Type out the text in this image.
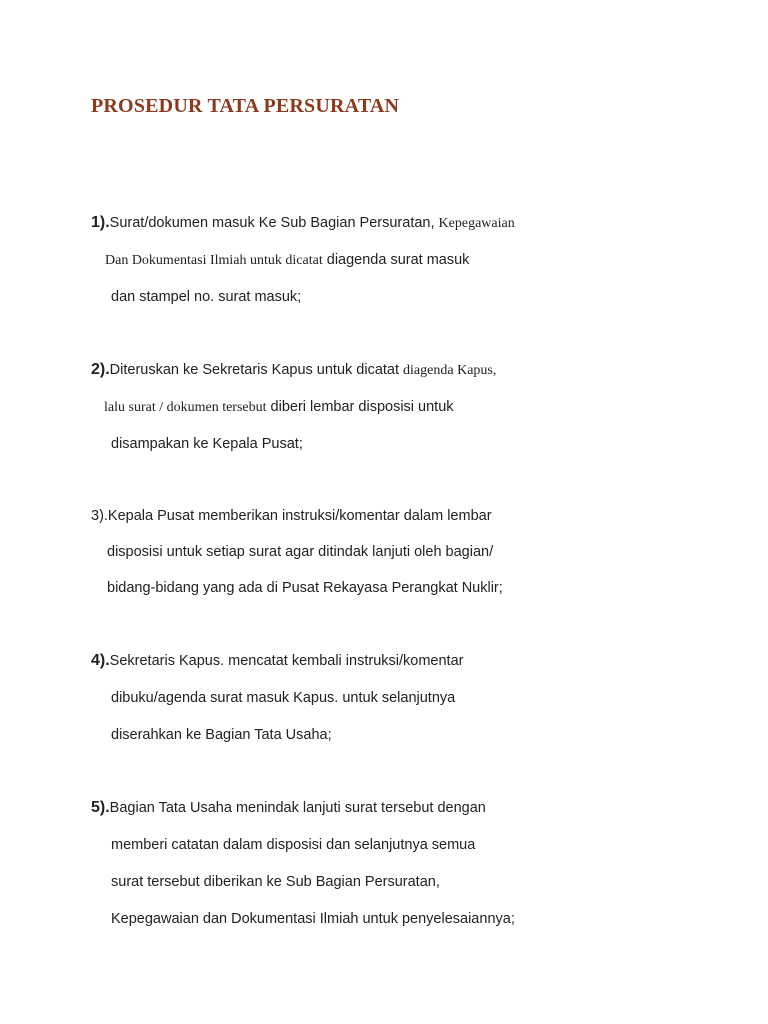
PROSEDUR TATA PERSURATAN
1).Surat/dokumen masuk Ke Sub Bagian Persuratan, Kepegawaian
Dan Dokumentasi Ilmiah untuk dicatat diagenda surat masuk
dan stampel no. surat masuk;
2).Diteruskan ke Sekretaris Kapus untuk dicatat diagenda Kapus,
lalu surat / dokumen tersebut diberi lembar disposisi untuk
disampakan ke Kepala Pusat;
3).Kepala Pusat memberikan instruksi/komentar dalam lembar
disposisi untuk setiap surat agar ditindak lanjuti oleh bagian/
bidang-bidang yang ada di Pusat Rekayasa Perangkat Nuklir;
4).Sekretaris Kapus. mencatat kembali instruksi/komentar
dibuku/agenda surat masuk Kapus. untuk selanjutnya
diserahkan ke Bagian Tata Usaha;
5).Bagian Tata Usaha menindak lanjuti surat tersebut dengan
memberi catatan dalam disposisi dan selanjutnya semua
surat tersebut diberikan ke Sub Bagian Persuratan,
Kepegawaian dan Dokumentasi Ilmiah untuk penyelesaiannya;
